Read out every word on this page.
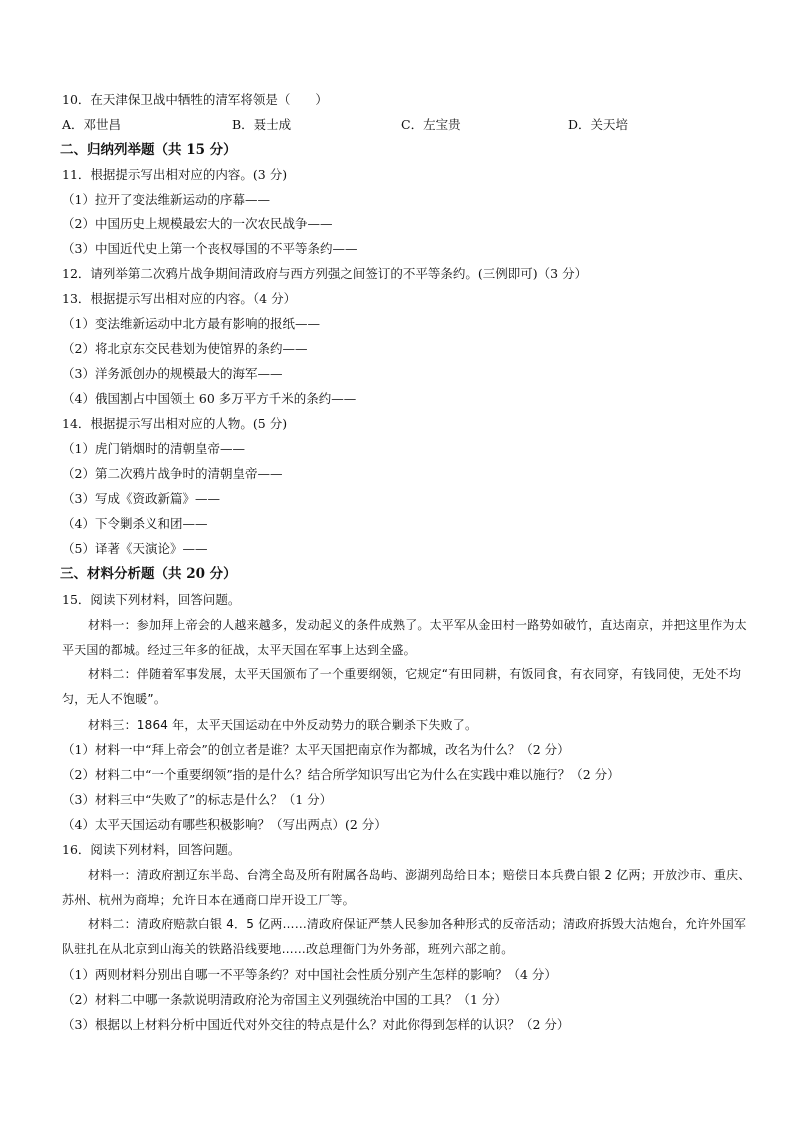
10．在天津保卫战中牺牲的清军将领是（　　）
A．邓世昌	B．聂士成	C．左宝贵	D．关天培
二、归纳列举题（共 15 分）
11．根据提示写出相对应的内容。(3 分)
（1）拉开了变法维新运动的序幕——
（2）中国历史上规模最宏大的一次农民战争——
（3）中国近代史上第一个丧权辱国的不平等条约——
12．请列举第二次鸦片战争期间清政府与西方列强之间签订的不平等条约。(三例即可)（3 分）
13．根据提示写出相对应的内容。（4 分）
（1）变法维新运动中北方最有影响的报纸——
（2）将北京东交民巷划为使馆界的条约——
（3）洋务派创办的规模最大的海军——
（4）俄国割占中国领土 60 多万平方千米的条约——
14．根据提示写出相对应的人物。(5 分)
（1）虎门销烟时的清朝皇帝——
（2）第二次鸦片战争时的清朝皇帝——
（3）写成《资政新篇》——
（4）下令剿杀义和团——
（5）译著《天演论》——
三、材料分析题（共 20 分）
15．阅读下列材料，回答问题。
材料一：参加拜上帝会的人越来越多，发动起义的条件成熟了。太平军从金田村一路势如破竹，直达南京，并把这里作为太平天国的都城。经过三年多的征战，太平天国在军事上达到全盛。
材料二：伴随着军事发展，太平天国颁布了一个重要纲领，它规定“有田同耕，有饭同食，有衣同穿，有钱同使，无处不均匀，无人不饱暖”。
材料三：1864 年，太平天国运动在中外反动势力的联合剿杀下失败了。
（1）材料一中“拜上帝会”的创立者是谁？太平天国把南京作为都城，改名为什么？（2 分）
（2）材料二中“一个重要纲领”指的是什么？结合所学知识写出它为什么在实践中难以施行？（2 分）
（3）材料三中“失败了”的标志是什么？（1 分）
（4）太平天国运动有哪些积极影响？（写出两点）(2 分）
16．阅读下列材料，回答问题。
材料一：清政府割辽东半岛、台湾全岛及所有附属各岛屿、澎湖列岛给日本；赔偿日本兵费白银 2 亿两；开放沙市、重庆、苏州、杭州为商埠；允许日本在通商口岸开设工厂等。
材料二：清政府赔款白银 4．5 亿两……清政府保证严禁人民参加各种形式的反帝活动；清政府拆毁大沽炮台，允许外国军队驻扎在从北京到山海关的铁路沿线要地……改总理衙门为外务部，班列六部之前。
（1）两则材料分别出自哪一不平等条约？对中国社会性质分别产生怎样的影响？（4 分）
（2）材料二中哪一条款说明清政府沦为帝国主义列强统治中国的工具？（1 分）
（3）根据以上材料分析中国近代对外交往的特点是什么？对此你得到怎样的认识？（2 分）
